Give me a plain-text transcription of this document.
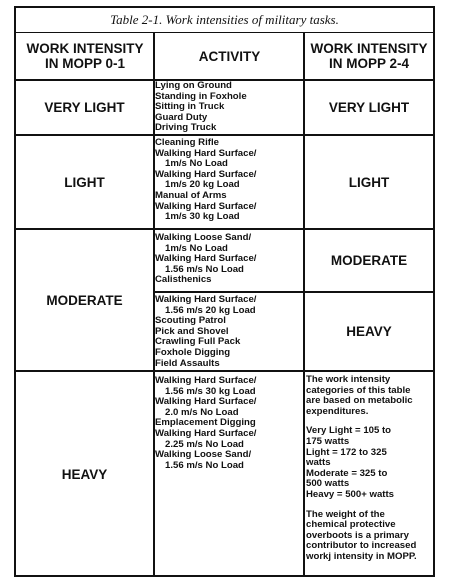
Table 2-1. Work intensities of military tasks.
WORK INTENSITY
IN MOPP 0-1	ACTIVITY	WORK INTENSITY
IN MOPP 2-4
VERY LIGHT
Lying on Ground
Standing in Foxhole
Sitting in Truck
Guard Duty
Driving Truck
VERY LIGHT
LIGHT
Cleaning Rifle
Walking Hard Surface/
1m/s No Load
Walking Hard Surface/
1m/s 20 kg Load
Manual of Arms
Walking Hard Surface/
1m/s 30 kg Load
LIGHT
MODERATE
Walking Loose Sand/
1m/s No Load
Walking Hard Surface/
1.56 m/s No Load
Calisthenics
MODERATE
Walking Hard Surface/
1.56 m/s 20 kg Load
Scouting Patrol
Pick and Shovel
Crawling Full Pack
Foxhole Digging
Field Assaults
HEAVY
HEAVY
Walking Hard Surface/
1.56 m/s 30 kg Load
Walking Hard Surface/
2.0 m/s No Load
Emplacement Digging
Walking Hard Surface/
2.25 m/s No Load
Walking Loose Sand/
1.56 m/s No Load

The work intensity
categories of this table
are based on metabolic
expenditures.

Very Light = 105 to
175 watts
Light = 172 to 325
watts
Moderate = 325 to
500 watts
Heavy = 500+ watts

The weight of the
chemical protective
overboots is a primary
contributor to increased
workj intensity in MOPP.
